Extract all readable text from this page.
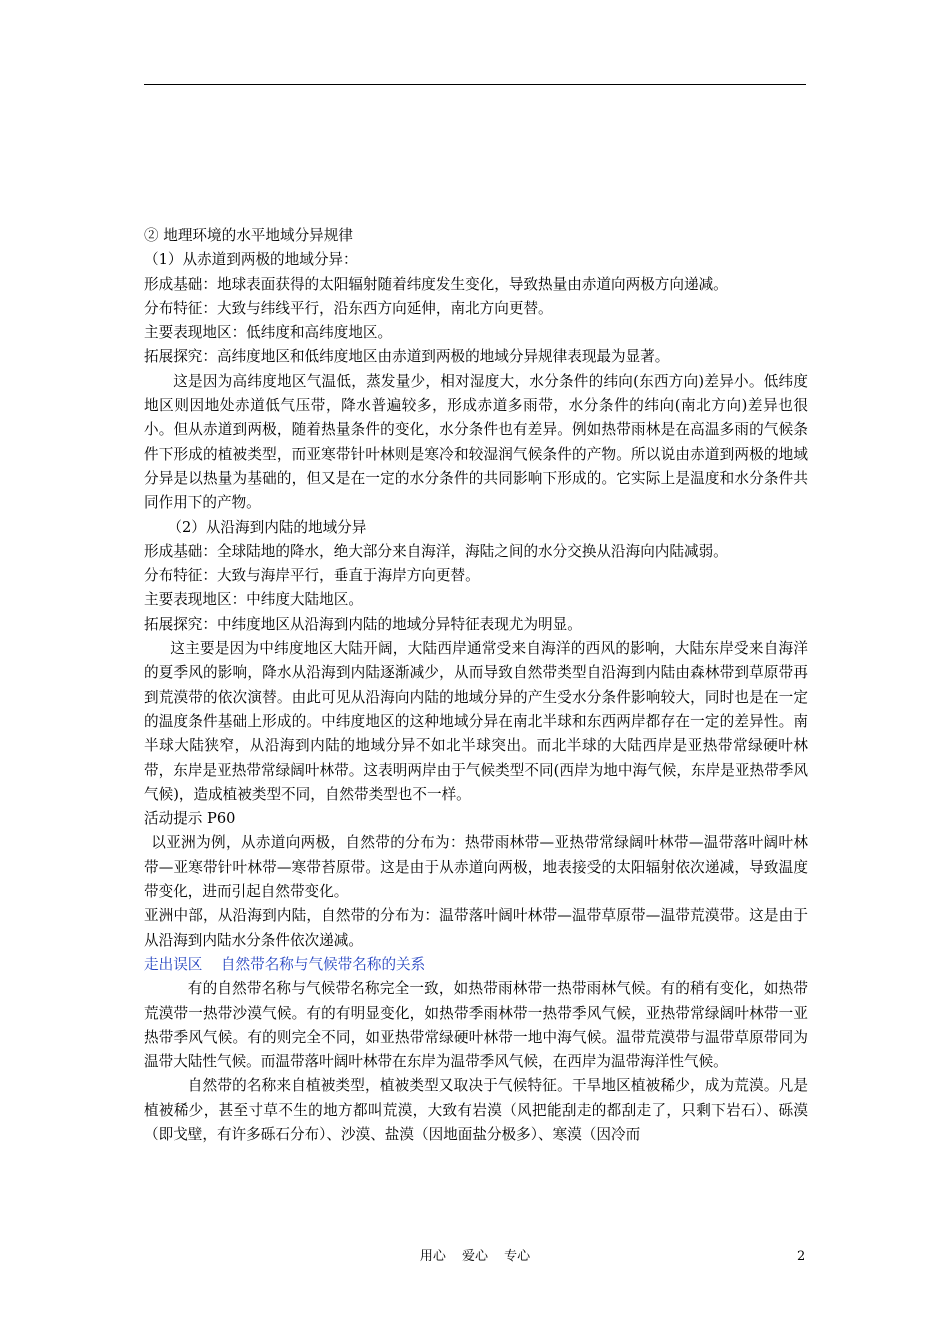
② 地理环境的水平地域分异规律

（1）从赤道到两极的地域分异：

形成基础：地球表面获得的太阳辐射随着纬度发生变化，导致热量由赤道向两极方向递减。

分布特征：大致与纬线平行，沿东西方向延伸，南北方向更替。

主要表现地区：低纬度和高纬度地区。

拓展探究：高纬度地区和低纬度地区由赤道到两极的地域分异规律表现最为显著。

这是因为高纬度地区气温低，蒸发量少，相对湿度大，水分条件的纬向(东西方向)差异小。低纬度地区则因地处赤道低气压带，降水普遍较多，形成赤道多雨带，水分条件的纬向(南北方向)差异也很小。但从赤道到两极，随着热量条件的变化，水分条件也有差异。例如热带雨林是在高温多雨的气候条件下形成的植被类型，而亚寒带针叶林则是寒冷和较湿润气候条件的产物。所以说由赤道到两极的地域分异是以热量为基础的，但又是在一定的水分条件的共同影响下形成的。它实际上是温度和水分条件共同作用下的产物。

（2）从沿海到内陆的地域分异

形成基础：全球陆地的降水，绝大部分来自海洋，海陆之间的水分交换从沿海向内陆减弱。

分布特征：大致与海岸平行，垂直于海岸方向更替。

主要表现地区：中纬度大陆地区。

拓展探究：中纬度地区从沿海到内陆的地域分异特征表现尤为明显。

这主要是因为中纬度地区大陆开阔，大陆西岸通常受来自海洋的西风的影响，大陆东岸受来自海洋的夏季风的影响，降水从沿海到内陆逐渐减少，从而导致自然带类型自沿海到内陆由森林带到草原带再到荒漠带的依次演替。由此可见从沿海向内陆的地域分异的产生受水分条件影响较大，同时也是在一定的温度条件基础上形成的。中纬度地区的这种地域分异在南北半球和东西两岸都存在一定的差异性。南半球大陆狭窄，从沿海到内陆的地域分异不如北半球突出。而北半球的大陆西岸是亚热带常绿硬叶林带，东岸是亚热带常绿阔叶林带。这表明两岸由于气候类型不同(西岸为地中海气候，东岸是亚热带季风气候)，造成植被类型不同，自然带类型也不一样。

活动提示 P60

以亚洲为例，从赤道向两极，自然带的分布为：热带雨林带—亚热带常绿阔叶林带—温带落叶阔叶林带—亚寒带针叶林带—寒带苔原带。这是由于从赤道向两极，地表接受的太阳辐射依次递减，导致温度带变化，进而引起自然带变化。

亚洲中部，从沿海到内陆，自然带的分布为：温带落叶阔叶林带—温带草原带—温带荒漠带。这是由于从沿海到内陆水分条件依次递减。

走出误区    自然带名称与气候带名称的关系

有的自然带名称与气候带名称完全一致，如热带雨林带一热带雨林气候。有的稍有变化，如热带荒漠带一热带沙漠气候。有的有明显变化，如热带季雨林带一热带季风气候，亚热带常绿阔叶林带一亚热带季风气候。有的则完全不同，如亚热带常绿硬叶林带一地中海气候。温带荒漠带与温带草原带同为温带大陆性气候。而温带落叶阔叶林带在东岸为温带季风气候，在西岸为温带海洋性气候。

自然带的名称来自植被类型，植被类型又取决于气候特征。干旱地区植被稀少，成为荒漠。凡是植被稀少，甚至寸草不生的地方都叫荒漠，大致有岩漠（风把能刮走的都刮走了，只剩下岩石）、砾漠（即戈壁，有许多砾石分布）、沙漠、盐漠（因地面盐分极多）、寒漠（因冷而

用心 爱心 专心	2
